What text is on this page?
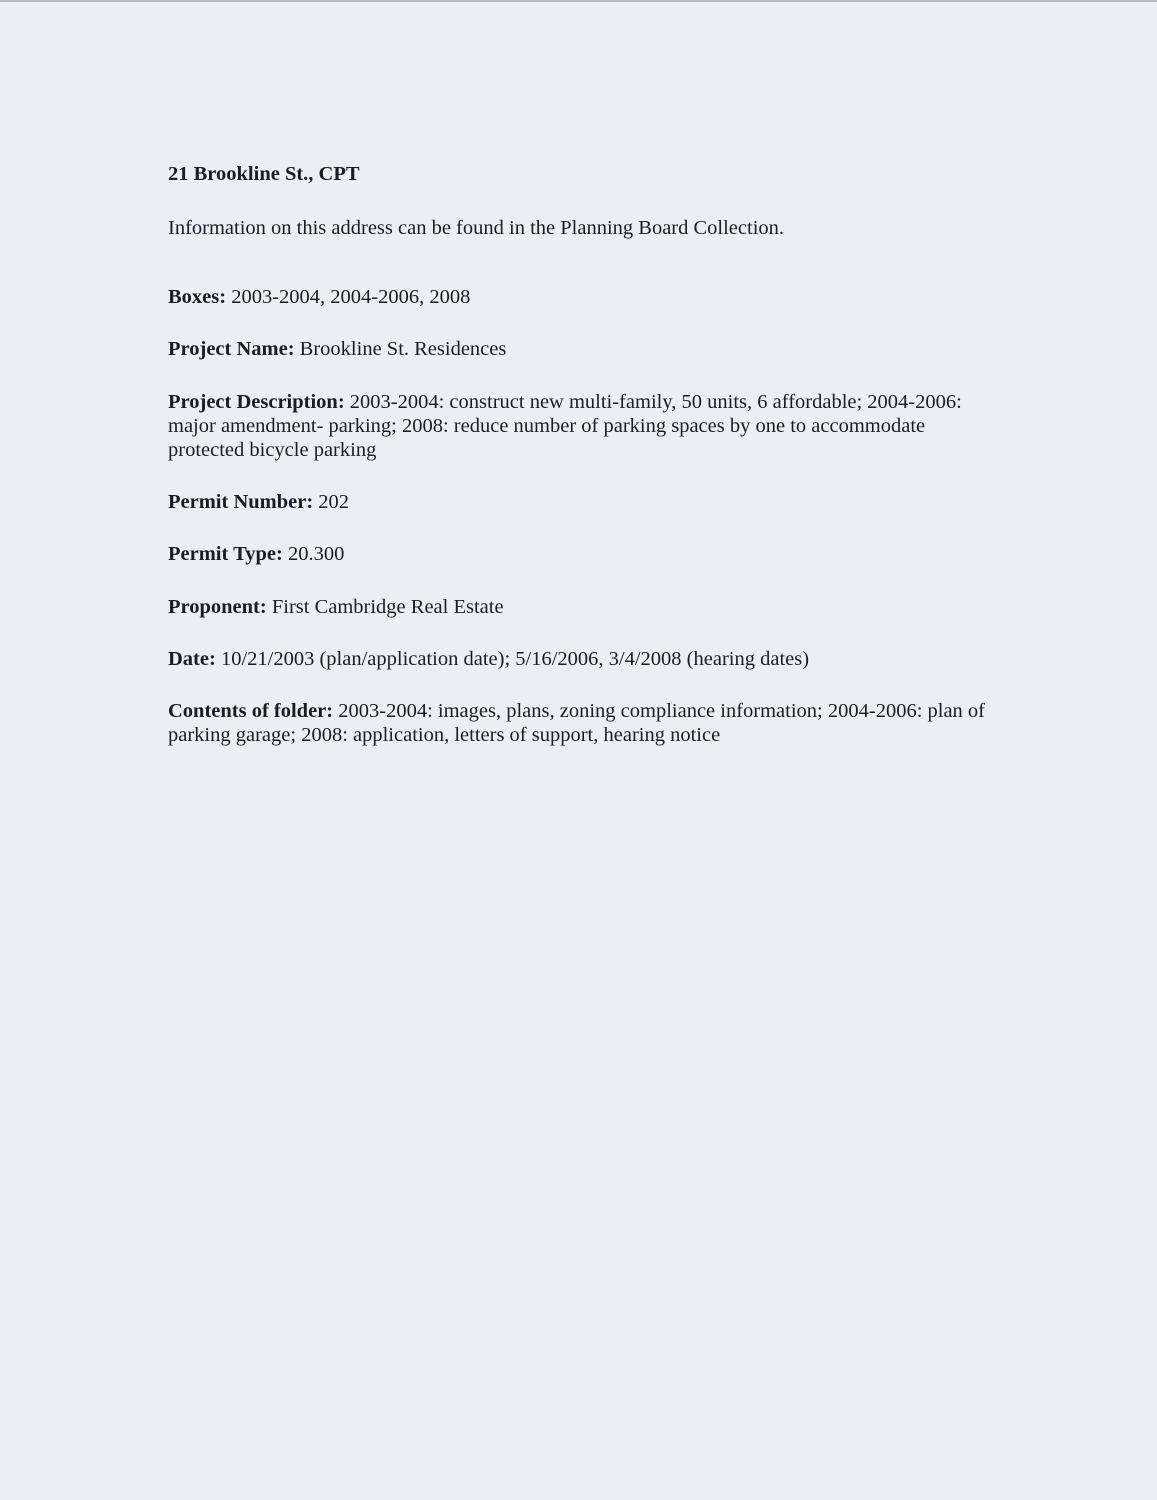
21 Brookline St., CPT

Information on this address can be found in the Planning Board Collection.

Boxes: 2003-2004, 2004-2006, 2008

Project Name: Brookline St. Residences

Project Description: 2003-2004: construct new multi-family, 50 units, 6 affordable; 2004-2006: major amendment- parking; 2008: reduce number of parking spaces by one to accommodate protected bicycle parking

Permit Number: 202

Permit Type: 20.300

Proponent: First Cambridge Real Estate

Date: 10/21/2003 (plan/application date); 5/16/2006, 3/4/2008 (hearing dates)

Contents of folder: 2003-2004: images, plans, zoning compliance information; 2004-2006: plan of parking garage; 2008: application, letters of support, hearing notice
